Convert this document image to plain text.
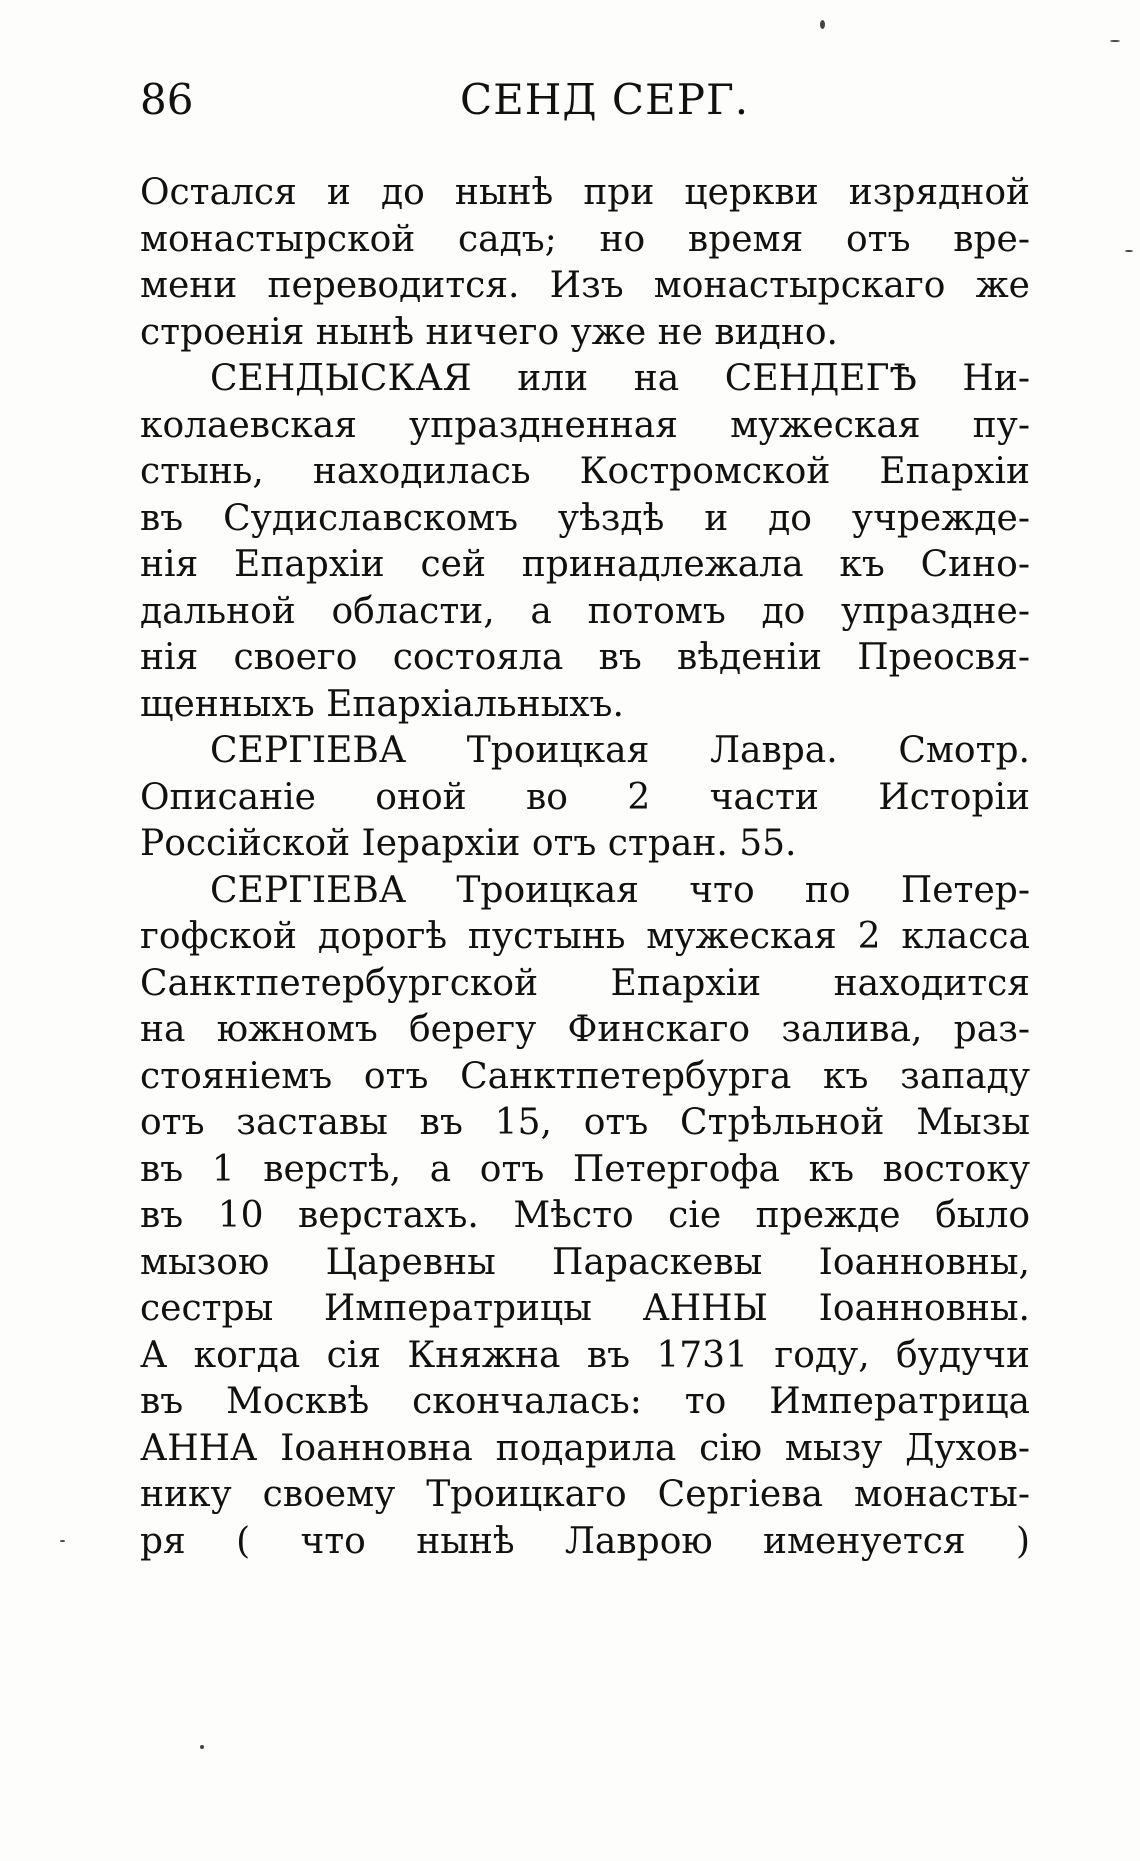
86	СЕНД СЕРГ.
Остался и до нынѣ при церкви изрядной
монастырской садъ; но время отъ вре-
мени переводится. Изъ монастырскаго же
строенія нынѣ ничего уже не видно.
СЕНДЫСКАЯ или на СЕНДЕГѢ Ни-
колаевская упраздненная мужеская пу-
стынь, находилась Костромской Епархіи
въ Судиславскомъ уѣздѣ и до учрежде-
нія Епархіи сей принадлежала къ Сино-
дальной области, а потомъ до упраздне-
нія своего состояла въ вѣденіи Преосвя-
щенныхъ Епархіальныхъ.
СЕРГІЕВА Троицкая Лавра. Смотр.
Описаніе оной во 2 части Исторіи
Россійской Іерархіи отъ стран. 55.
СЕРГІЕВА Троицкая что по Петер-
гофской дорогѣ пустынь мужеская 2 класса
Санктпетербургской Епархіи находится
на южномъ берегу Финскаго залива, раз-
стояніемъ отъ Санктпетербурга къ западу
отъ заставы въ 15, отъ Стрѣльной Мызы
въ 1 верстѣ, а отъ Петергофа къ востоку
въ 10 верстахъ. Мѣсто сіе прежде было
мызою Царевны Параскевы Іоанновны,
сестры Императрицы АННЫ Іоанновны.
А когда сія Княжна въ 1731 году, будучи
въ Москвѣ скончалась: то Императрица
АННА Іоанновна подарила сію мызу Духов-
нику своему Троицкаго Сергіева монасты-
ря ( что нынѣ Лаврою именуется )
